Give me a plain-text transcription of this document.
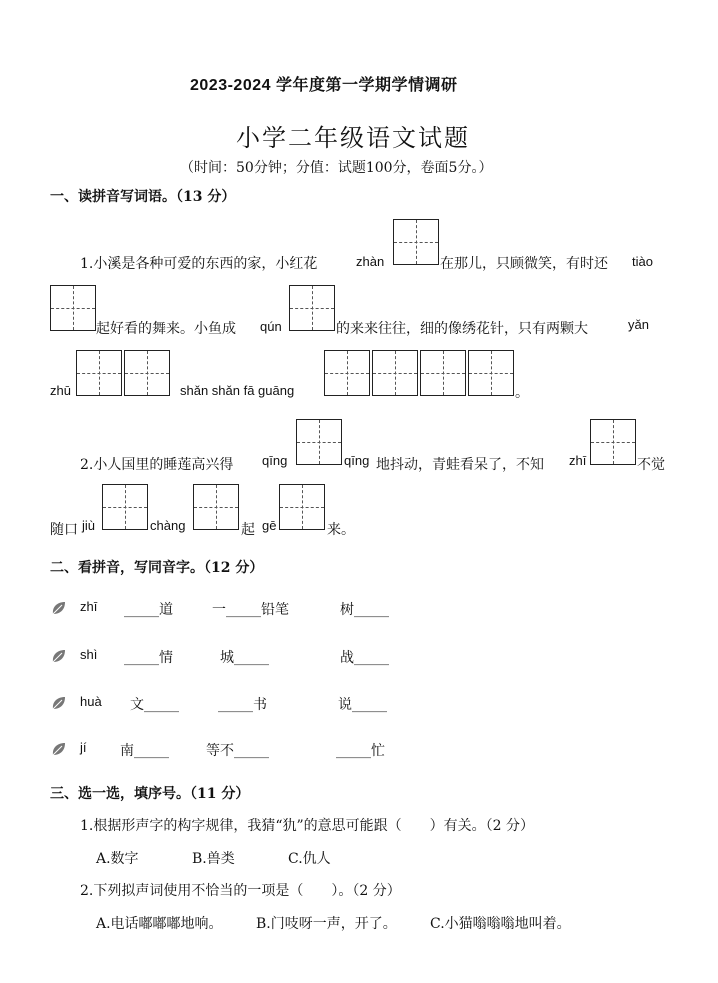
2023-2024 学年度第一学期学情调研
小学二年级语文试题
（时间：50分钟；分值：试题100分，卷面5分。）
一、读拼音写词语。（13 分）
1.小溪是各种可爱的东西的家，小红花	zhàn	在那儿，只顾微笑，有时还 tiào
起好看的舞来。小鱼成 qún	的来来往往，细的像绣花针，只有两颗大	yǎn
zhū	shǎn shǎn fā guāng	。
2.小人国里的睡莲高兴得 qīng	qīng 地抖动，青蛙看呆了，不知 zhī	不觉
随口 jiù	chàng	起 gē	来。
二、看拼音，写同音字。（12 分）
zhī _____道	一_____铅笔	树_____
shì _____情	城_____	战_____
huà 文_____	_____书	说_____
jí 南_____	等不_____	_____忙
三、选一选，填序号。（11 分）
1.根据形声字的构字规律，我猜“犰”的意思可能跟（　　）有关。（2 分）
A.数字	B.兽类	C.仇人
2.下列拟声词使用不恰当的一项是（　　）。（2 分）
A.电话嘟嘟嘟地响。 B.门吱呀一声，开了。 C.小猫嗡嗡嗡地叫着。
